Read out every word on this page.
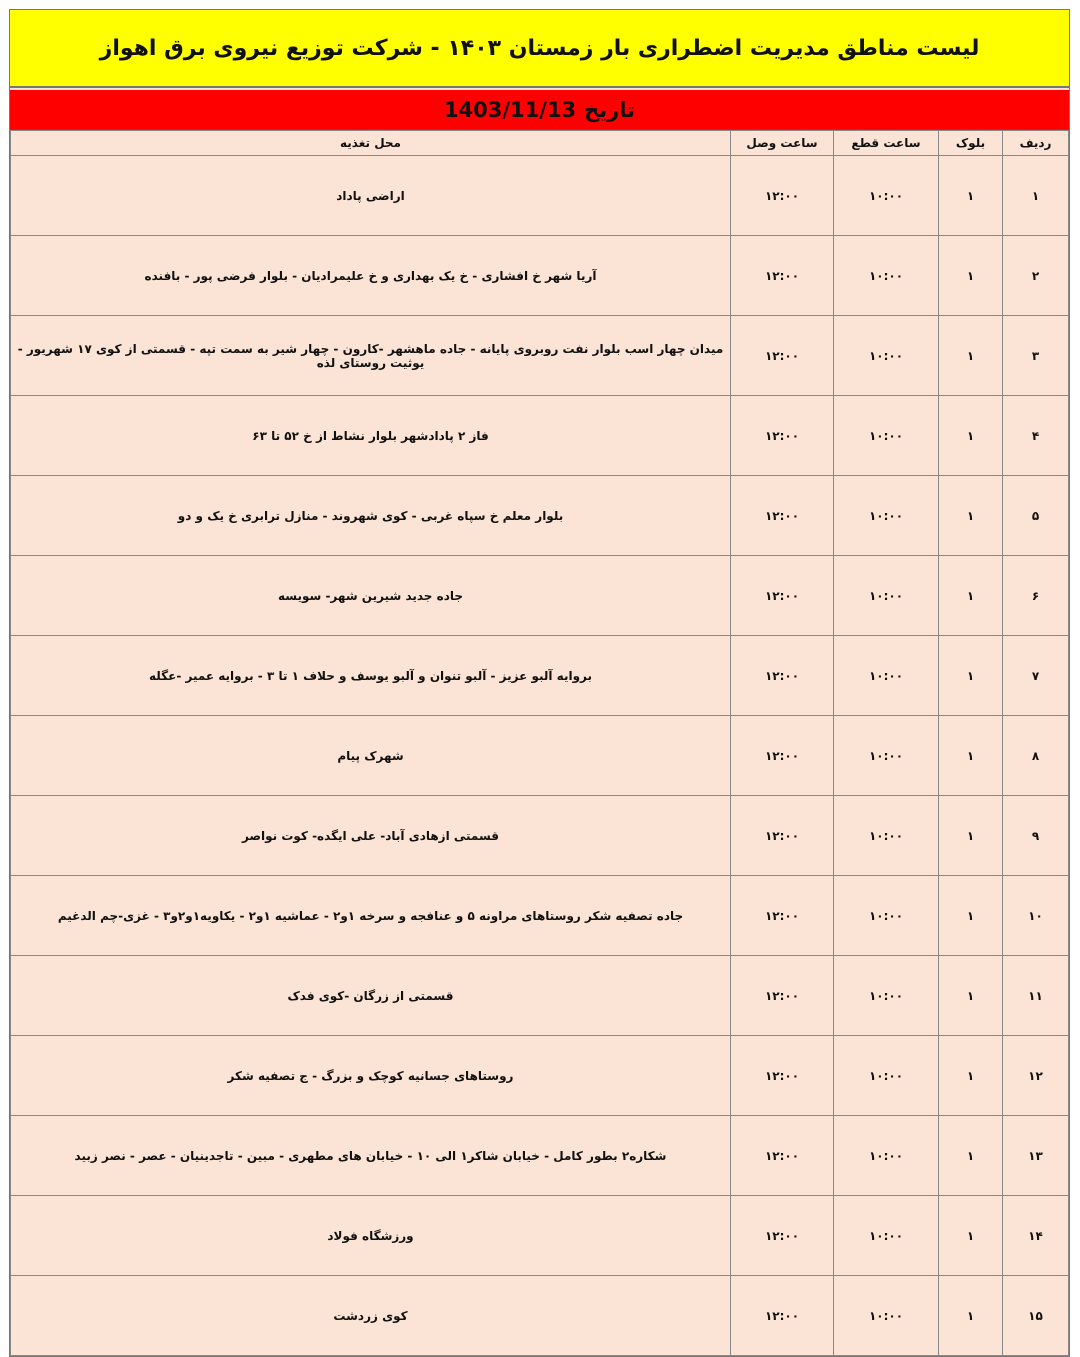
لیست مناطق مدیریت اضطراری بار زمستان ۱۴۰۳ - شرکت توزیع نیروی برق اهواز
تاریخ
1403/11/13
ردیف	بلوک	ساعت قطع	ساعت وصل	محل تغذیه
۱	۱	۱۰:۰۰	۱۲:۰۰	اراضی پاداد
۲	۱	۱۰:۰۰	۱۲:۰۰	آریا شهر خ افشاری - خ یک بهداری و خ علیمرادیان - بلوار فرضی پور - بافنده
۳	۱	۱۰:۰۰	۱۲:۰۰	میدان چهار اسب بلوار نفت روبروی پایانه - جاده ماهشهر -کارون - چهار شیر به سمت تپه - قسمتی از کوی ۱۷ شهریور - یوثیت روستای لذه
۴	۱	۱۰:۰۰	۱۲:۰۰	فاز ۲ پادادشهر بلوار نشاط از خ ۵۲ تا ۶۳
۵	۱	۱۰:۰۰	۱۲:۰۰	بلوار معلم خ سپاه غربی - کوی شهروند - منازل ترابری خ یک و دو
۶	۱	۱۰:۰۰	۱۲:۰۰	جاده جدید شیرین شهر- سویسه
۷	۱	۱۰:۰۰	۱۲:۰۰	بروایه آلبو عزیز - آلبو تنوان و آلبو یوسف و حلاف ۱ تا ۳ - بروایه عمیر -عگله
۸	۱	۱۰:۰۰	۱۲:۰۰	شهرک پیام
۹	۱	۱۰:۰۰	۱۲:۰۰	قسمتی ازهادی آباد- علی ایگده- کوت نواصر
۱۰	۱	۱۰:۰۰	۱۲:۰۰	جاده تصفیه شکر روستاهای مراونه ۵ و عنافجه و سرخه ۱و۲ - عماشیه ۱و۲ - یکاویه۱و۲و۳ - غزی-چم الدغیم
۱۱	۱	۱۰:۰۰	۱۲:۰۰	قسمتی از زرگان -کوی فدک
۱۲	۱	۱۰:۰۰	۱۲:۰۰	روستاهای جسانیه کوچک و بزرگ - ج تصفیه شکر
۱۳	۱	۱۰:۰۰	۱۲:۰۰	شکاره۲ بطور کامل - خیابان شاکر۱ الی ۱۰ - خیابان های مطهری - مبین - تاجدینیان - عصر - نصر زبید
۱۴	۱	۱۰:۰۰	۱۲:۰۰	ورزشگاه فولاد
۱۵	۱	۱۰:۰۰	۱۲:۰۰	کوی زردشت
